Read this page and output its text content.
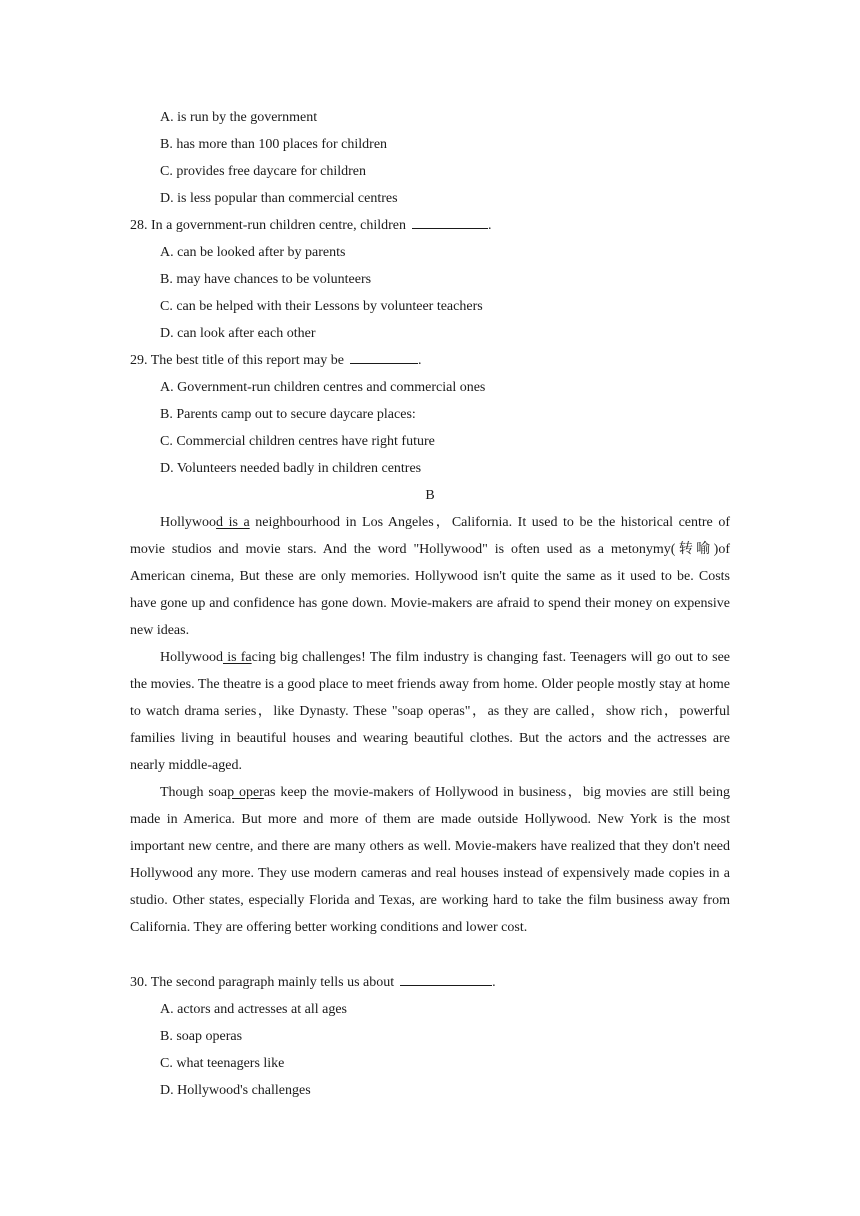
A. is run by the government
B. has more than 100 places for children
C. provides free daycare for children
D. is less popular than commercial centres
28. In a government-run children centre, children	.
A. can be looked after by parents
B. may have chances to be volunteers
C. can be helped with their Lessons by volunteer teachers
D. can look after each other
29. The best title of this report may be	.
A. Government-run children centres and commercial ones
B. Parents camp out to secure daycare places:
C. Commercial children centres have right future
D. Volunteers needed badly in children centres
B
Hollywood is a neighbourhood in Los Angeles，California. It used to be the historical centre of movie studios and movie stars. And the word "Hollywood" is often used as a metonymy(转喻)of American cinema, But these are only memories. Hollywood isn't quite the same as it used to be. Costs have gone up and confidence has gone down. Movie-makers are afraid to spend their money on expensive new ideas.
Hollywood is facing big challenges! The film industry is changing fast. Teenagers will go out to see the movies. The theatre is a good place to meet friends away from home. Older people mostly stay at home to watch drama series，like Dynasty. These "soap operas"，as they are called，show rich，powerful families living in beautiful houses and wearing beautiful clothes. But the actors and the actresses are nearly middle-aged.
Though soap operas keep the movie-makers of Hollywood in business，big movies are still being made in America. But more and more of them are made outside Hollywood. New York is the most important new centre, and there are many others as well. Movie-makers have realized that they don't need Hollywood any more. They use modern cameras and real houses instead of expensively made copies in a studio. Other states, especially Florida and Texas, are working hard to take the film business away from California. They are offering better working conditions and lower cost.
30. The second paragraph mainly tells us about	.
A. actors and actresses at all ages
B. soap operas
C. what teenagers like
D. Hollywood's challenges
